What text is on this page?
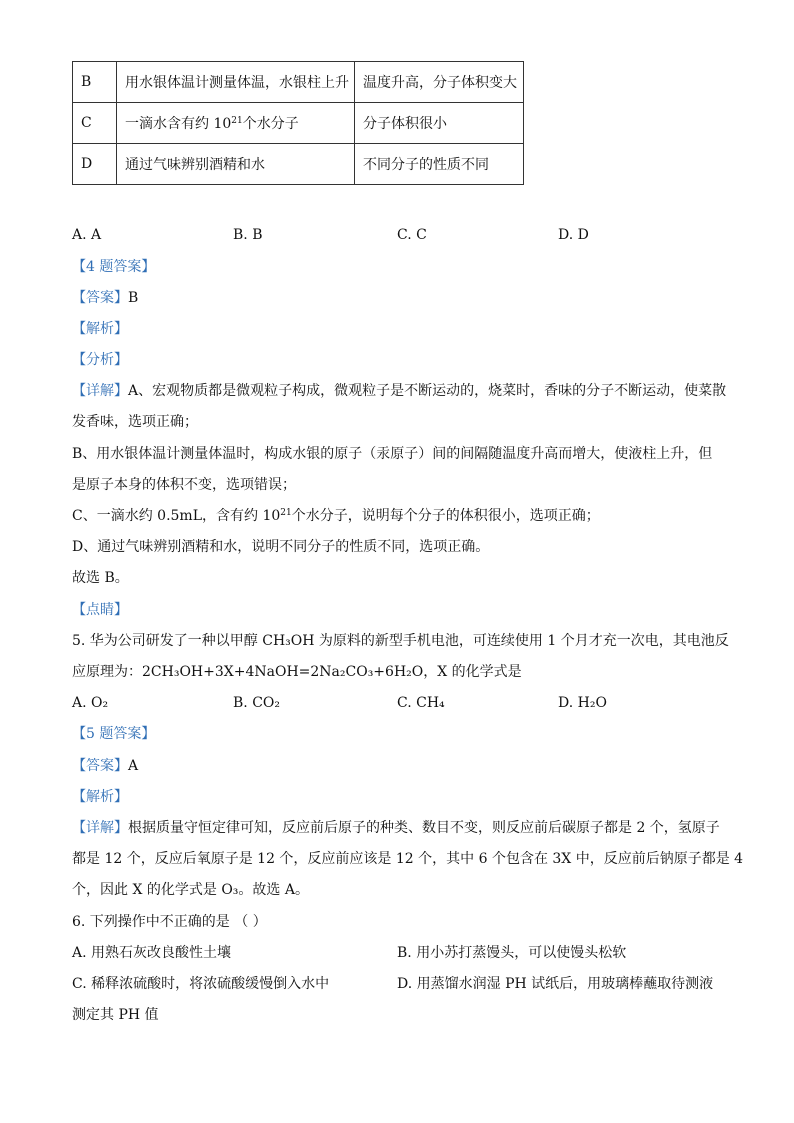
B	用水银体温计测量体温，水银柱上升	温度升高，分子体积变大
C	一滴水含有约 $10^{21}$个水分子	分子体积很小
D	通过气味辨别酒精和水	不同分子的性质不同
A. A	B. B	C. C	D. D
【4 题答案】
【答案】B
【解析】
【分析】
【详解】A、宏观物质都是微观粒子构成，微观粒子是不断运动的，烧菜时，香味的分子不断运动，使菜散
发香味，选项正确；
B、用水银体温计测量体温时，构成水银的原子（汞原子）间的间隔随温度升高而增大，使液柱上升，但
是原子本身的体积不变，选项错误；
C、一滴水约 0.5mL，含有约 $10^{21}$个水分子，说明每个分子的体积很小，选项正确；
D、通过气味辨别酒精和水，说明不同分子的性质不同，选项正确。
故选 B。
【点睛】
5. 华为公司研发了一种以甲醇 CH₃OH 为原料的新型手机电池，可连续使用 1 个月才充一次电，其电池反
应原理为：2CH₃OH+3X+4NaOH=2Na₂CO₃+6H₂O，X 的化学式是
A. O₂	B. CO₂	C. CH₄	D. H₂O
【5 题答案】
【答案】A
【解析】
【详解】根据质量守恒定律可知，反应前后原子的种类、数目不变，则反应前后碳原子都是 2 个，氢原子
都是 12 个，反应后氧原子是 12 个，反应前应该是 12 个，其中 6 个包含在 3X 中，反应前后钠原子都是 4
个，因此 X 的化学式是 O₃。故选 A。
6. 下列操作中不正确的是 （ ）
A. 用熟石灰改良酸性土壤	B. 用小苏打蒸馒头，可以使馒头松软
C. 稀释浓硫酸时，将浓硫酸缓慢倒入水中	D. 用蒸馏水润湿 PH 试纸后，用玻璃棒蘸取待测液
测定其 PH 值
